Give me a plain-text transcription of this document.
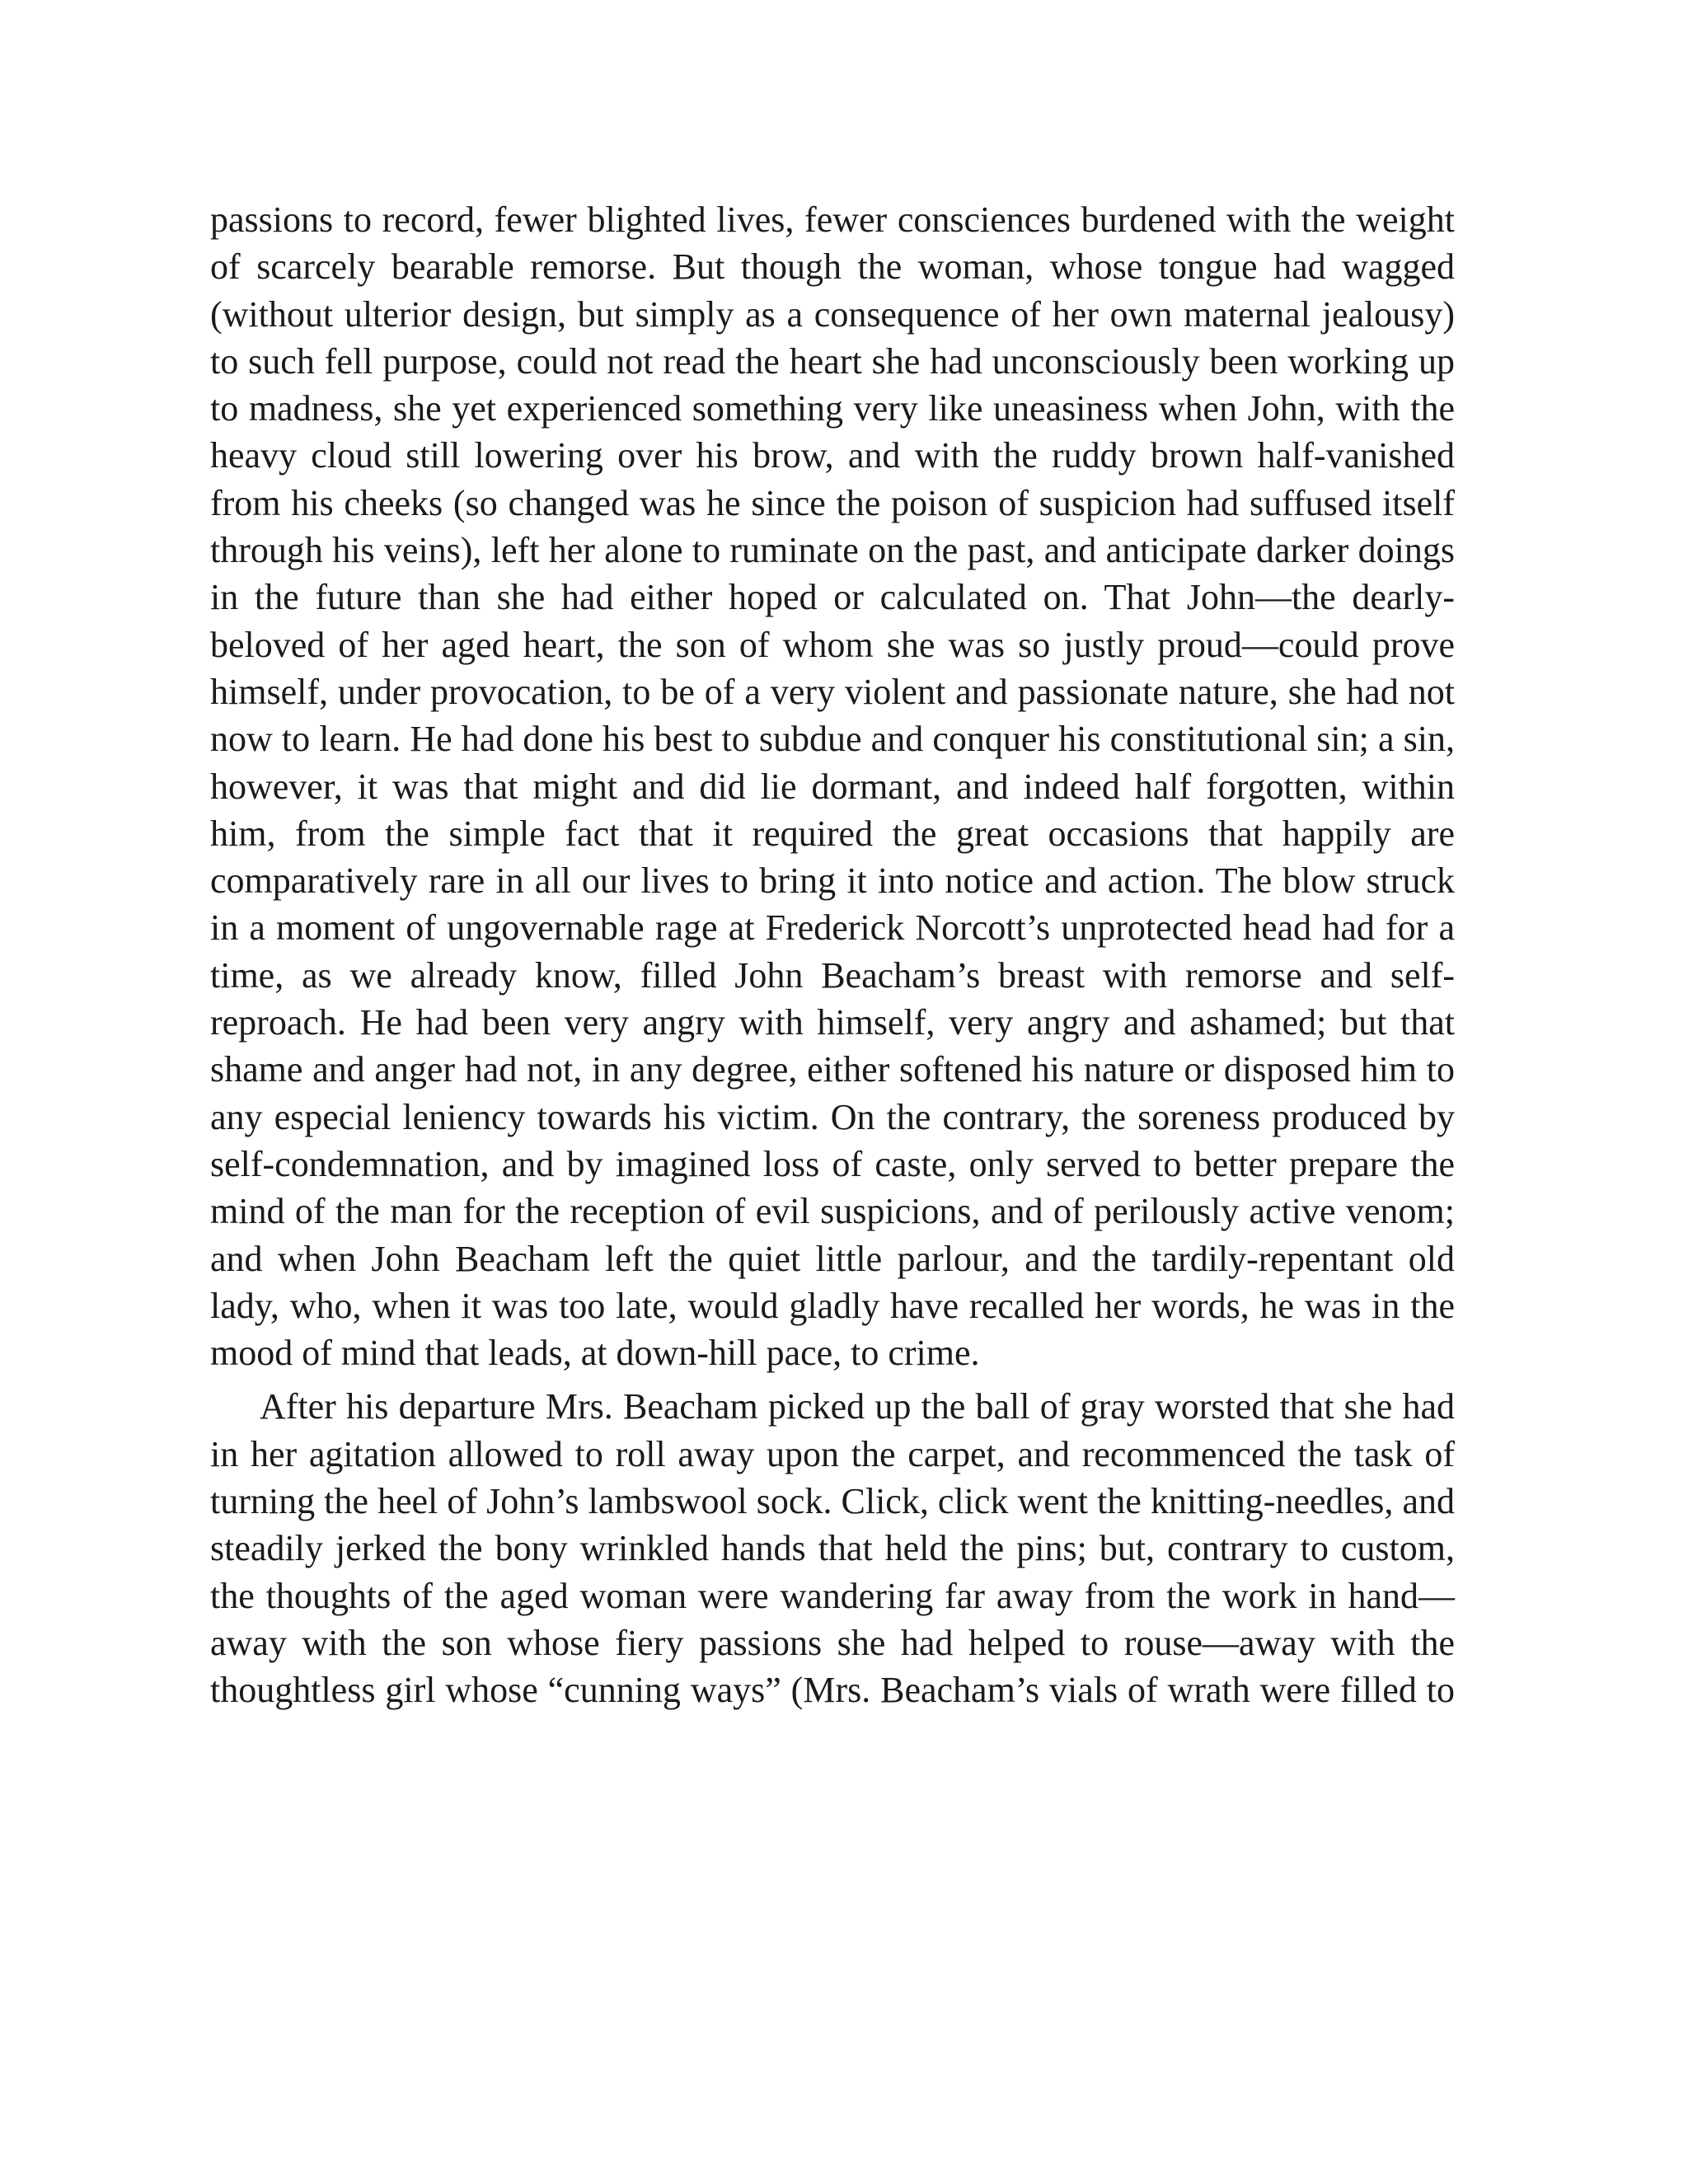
passions to record, fewer blighted lives, fewer consciences burdened with the weight of scarcely bearable remorse. But though the woman, whose tongue had wagged (without ulterior design, but simply as a consequence of her own maternal jealousy) to such fell purpose, could not read the heart she had unconsciously been working up to madness, she yet experienced something very like uneasiness when John, with the heavy cloud still lowering over his brow, and with the ruddy brown half-vanished from his cheeks (so changed was he since the poison of suspicion had suffused itself through his veins), left her alone to ruminate on the past, and anticipate darker doings in the future than she had either hoped or calculated on. That John—the dearly-beloved of her aged heart, the son of whom she was so justly proud—could prove himself, under provocation, to be of a very violent and passionate nature, she had not now to learn. He had done his best to subdue and conquer his constitutional sin; a sin, however, it was that might and did lie dormant, and indeed half forgotten, within him, from the simple fact that it required the great occasions that happily are comparatively rare in all our lives to bring it into notice and action. The blow struck in a moment of ungovernable rage at Frederick Norcott’s unprotected head had for a time, as we already know, filled John Beacham’s breast with remorse and self-reproach. He had been very angry with himself, very angry and ashamed; but that shame and anger had not, in any degree, either softened his nature or disposed him to any especial leniency towards his victim. On the contrary, the soreness produced by self-condemnation, and by imagined loss of caste, only served to better prepare the mind of the man for the reception of evil suspicions, and of perilously active venom; and when John Beacham left the quiet little parlour, and the tardily-repentant old lady, who, when it was too late, would gladly have recalled her words, he was in the mood of mind that leads, at down-hill pace, to crime.

After his departure Mrs. Beacham picked up the ball of gray worsted that she had in her agitation allowed to roll away upon the carpet, and recommenced the task of turning the heel of John’s lambswool sock. Click, click went the knitting-needles, and steadily jerked the bony wrinkled hands that held the pins; but, contrary to custom, the thoughts of the aged woman were wandering far away from the work in hand—away with the son whose fiery passions she had helped to rouse—away with the thoughtless girl whose “cunning ways” (Mrs. Beacham’s vials of wrath were filled to
